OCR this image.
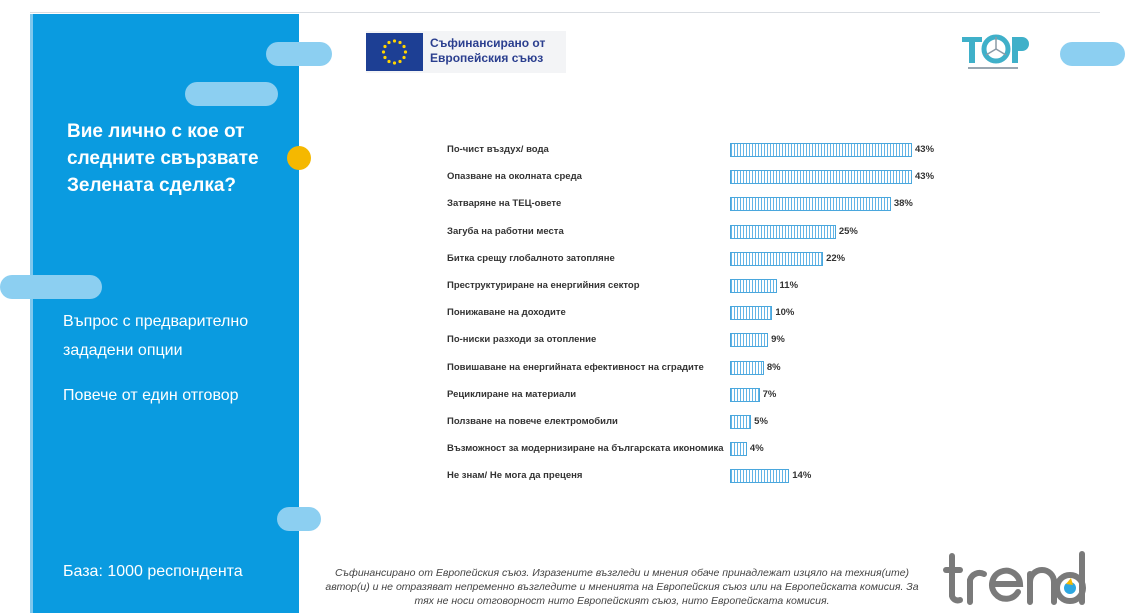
Вие лично с кое от следните свързвате Зелената сделка?
Въпрос с предварително зададени опции
Повече от един отговор
База: 1000 респондента
Съфинансирано от
Европейския съюз
По-чист въздух/ вода	43%
Опазване на околната среда	43%
Затваряне на ТЕЦ-овете	38%
Загуба на работни места	25%
Битка срещу глобалното затопляне	22%
Преструктуриране на енергийния сектор	11%
Понижаване на доходите	10%
По-ниски разходи за отопление	9%
Повишаване на енергийната ефективност на сградите	8%
Рециклиране на материали	7%
Ползване на повече електромобили	5%
Възможност за модернизиране на българската икономика	4%
Не знам/ Не мога да преценя	14%
Съфинансирано от Европейския съюз. Изразените възгледи и мнения обаче принадлежат изцяло на техния(ите) автор(и) и не отразяват непременно възгледите и мненията на Европейския съюз или на Европейската комисия. За тях не носи отговорност нито Европейският съюз, нито Европейската комисия.
